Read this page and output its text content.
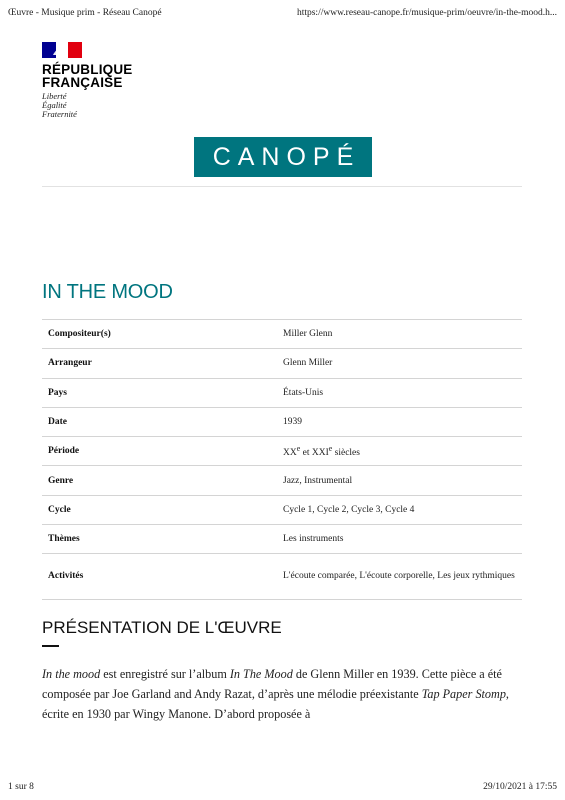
Œuvre - Musique prim - Réseau Canopé	https://www.reseau-canope.fr/musique-prim/oeuvre/in-the-mood.h...
RÉPUBLIQUE
FRANÇAISE
Liberté
Égalité
Fraternité
CANOPÉ
IN THE MOOD
Compositeur(s)	Miller Glenn
Arrangeur	Glenn Miller
Pays	États-Unis
Date	1939
Période	XXe et XXIe siècles
Genre	Jazz, Instrumental
Cycle	Cycle 1, Cycle 2, Cycle 3, Cycle 4
Thèmes	Les instruments
Activités	L'écoute comparée, L'écoute corporelle, Les jeux rythmiques
PRÉSENTATION DE L'ŒUVRE

In the mood est enregistré sur l’album In The Mood de Glenn Miller en 1939. Cette pièce a été composée par Joe Garland and Andy Razat, d’après une mélodie préexistante Tap Paper Stomp, écrite en 1930 par Wingy Manone. D’abord proposée à

1 sur 8	29/10/2021 à 17:55
